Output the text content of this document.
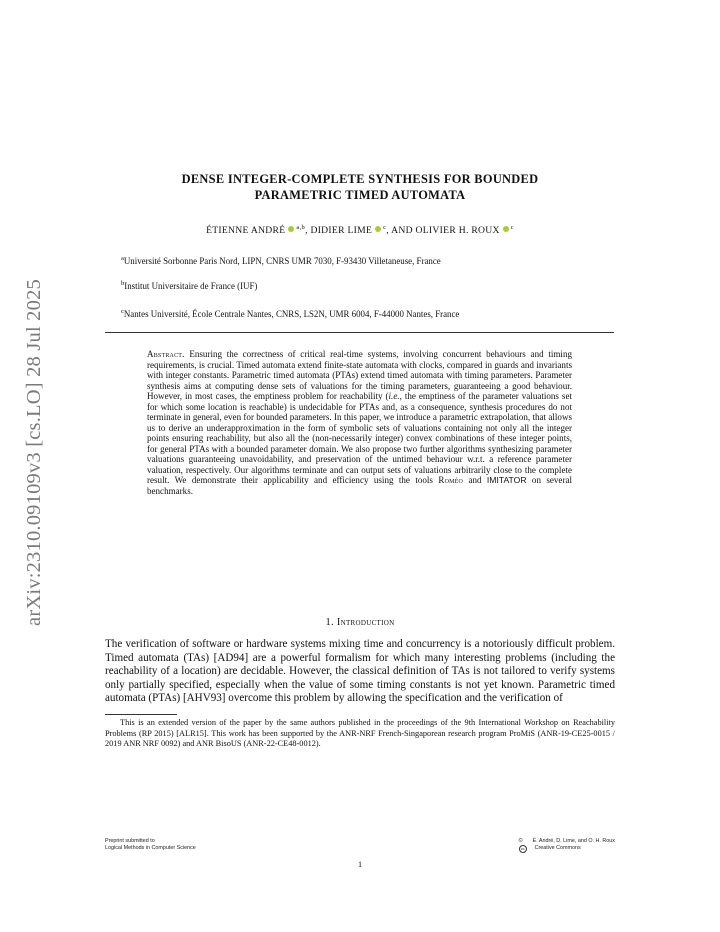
arXiv:2310.09109v3 [cs.LO] 28 Jul 2025
DENSE INTEGER-COMPLETE SYNTHESIS FOR BOUNDED
PARAMETRIC TIMED AUTOMATA
ÉTIENNE ANDRÉ $^{a,b}$, DIDIER LIME $^c$, AND OLIVIER H. ROUX $^c$
$^a$Université Sorbonne Paris Nord, LIPN, CNRS UMR 7030, F-93430 Villetaneuse, France
$^b$Institut Universitaire de France (IUF)
$^c$Nantes Université, École Centrale Nantes, CNRS, LS2N, UMR 6004, F-44000 Nantes, France
Abstract. Ensuring the correctness of critical real-time systems, involving concurrent behaviours and timing requirements, is crucial. Timed automata extend finite-state automata with clocks, compared in guards and invariants with integer constants. Parametric timed automata (PTAs) extend timed automata with timing parameters. Parameter synthesis aims at computing dense sets of valuations for the timing parameters, guaranteeing a good behaviour. However, in most cases, the emptiness problem for reachability (i.e., the emptiness of the parameter valuations set for which some location is reachable) is undecidable for PTAs and, as a consequence, synthesis procedures do not terminate in general, even for bounded parameters. In this paper, we introduce a parametric extrapolation, that allows us to derive an underapproximation in the form of symbolic sets of valuations containing not only all the integer points ensuring reachability, but also all the (non-necessarily integer) convex combinations of these integer points, for general PTAs with a bounded parameter domain. We also propose two further algorithms synthesizing parameter valuations guaranteeing unavoidability, and preservation of the untimed behaviour w.r.t. a reference parameter valuation, respectively. Our algorithms terminate and can output sets of valuations arbitrarily close to the complete result. We demonstrate their applicability and efficiency using the tools Roméo and IMITATOR on several benchmarks.
1. Introduction

The verification of software or hardware systems mixing time and concurrency is a notoriously difficult problem. Timed automata (TAs) [AD94] are a powerful formalism for which many interesting problems (including the reachability of a location) are decidable. However, the classical definition of TAs is not tailored to verify systems only partially specified, especially when the value of some timing constants is not yet known. Parametric timed automata (PTAs) [AHV93] overcome this problem by allowing the specification and the verification of

This is an extended version of the paper by the same authors published in the proceedings of the 9th International Workshop on Reachability Problems (RP 2015) [ALR15]. This work has been supported by the ANR-NRF French-Singaporean research program ProMiS (ANR-19-CE25-0015 / 2019 ANR NRF 0092) and ANR BisoUS (ANR-22-CE48-0012).

Preprint submitted to
Logical Methods in Computer Science
© É. André, D. Lime, and O. H. Roux
cc Creative Commons
1
